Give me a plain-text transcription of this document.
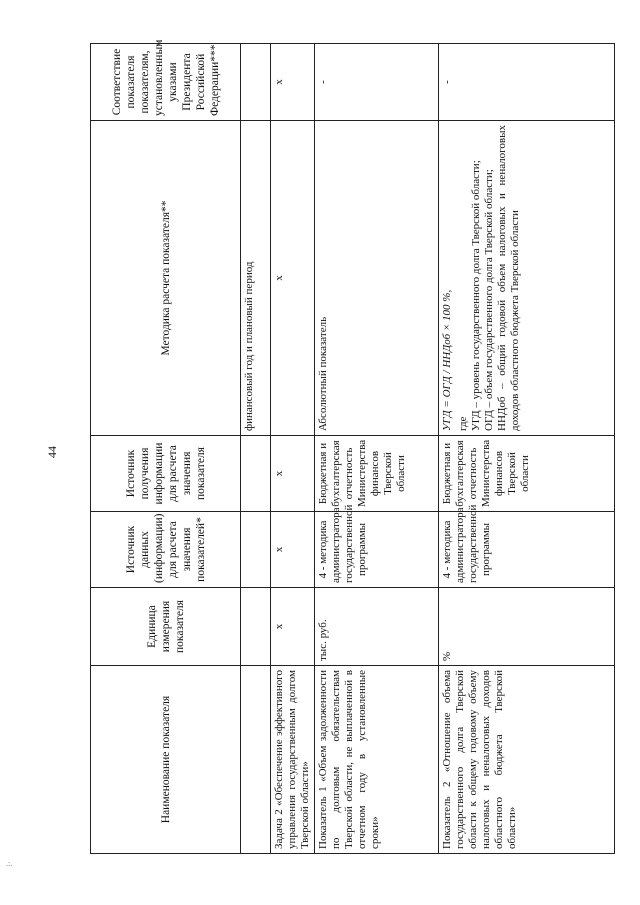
44
.:.
Наименование показателя	Единица измерения показателя	Источник данных (информации) для расчета значения показателей*	Источник получения информации для расчета значения показателя	Методика расчета показателя**	Соответствие показателя показателям, установленным указами Президента Российской Федерации***
				финансовый год и плановый период	
Задача 2 «Обеспечение эффективного управления государственным долгом Тверской области»	х	х	х	х	х
Показатель 1 «Объем задолженности по долговым обязательствам Тверской области, не выплаченной в отчетном году в установленные сроки»	тыс. руб.	4 - методика администратора государственной программы	Бюджетная и бухгалтерская отчетность Министерства финансов Тверской области	Абсолютный показатель	-
Показатель 2 «Отношение объема государственного долга Тверской области к общему годовому объему налоговых и неналоговых доходов областного бюджета Тверской области»	%	4 - методика администратора государственной программы	Бюджетная и бухгалтерская отчетность Министерства финансов Тверской области	УГД = ОГД / ННДоб × 100 %, где УГД – уровень государственного долга Тверской области; ОГД – объем государственного долга Тверской области; ННДоб – общий годовой объем налоговых и неналоговых доходов областного бюджета Тверской области	-
